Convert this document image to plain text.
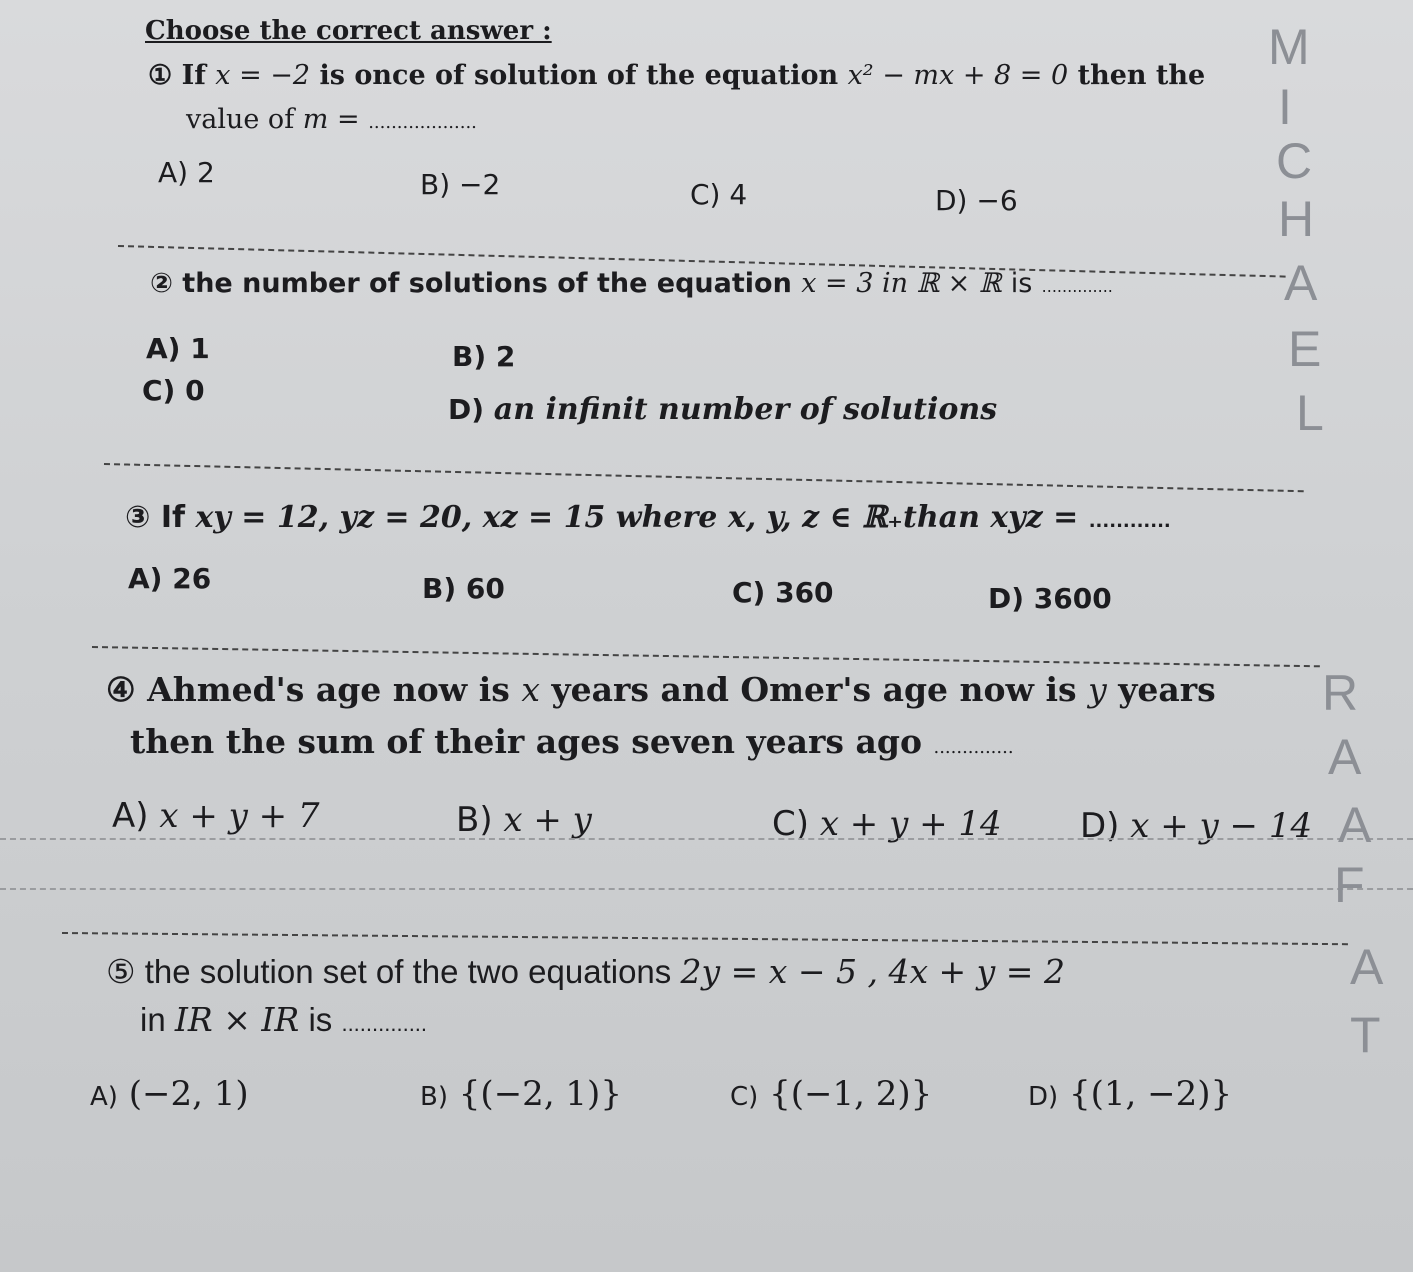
Choose the correct answer :
① If x = −2 is once of solution of the equation x² − mx + 8 = 0 then the
value of m = ...................
A) 2	B) −2	C) 4	D) −6
② the number of solutions of the equation x = 3 in ℝ × ℝ is ..............
A) 1	B) 2
C) 0
D) an infinit number of solutions
③ If xy = 12, yz = 20, xz = 15 where x, y, z ∈ ℝ₊than xyz = ............
A) 26	B) 60	C) 360	D) 3600
④ Ahmed's age now is x years and Omer's age now is y years
then the sum of their ages seven years ago ..............
A) x + y + 7	B) x + y	C) x + y + 14 D) x + y − 14
⑤ the solution set of the two equations 2y = x − 5 , 4x + y = 2
in IR × IR is ..............
A) (−2, 1)	B) {(−2, 1)}	C) {(−1, 2)}	D) {(1, −2)}
M
I
C
H
A
E
L
R
A
A
F
A
T
